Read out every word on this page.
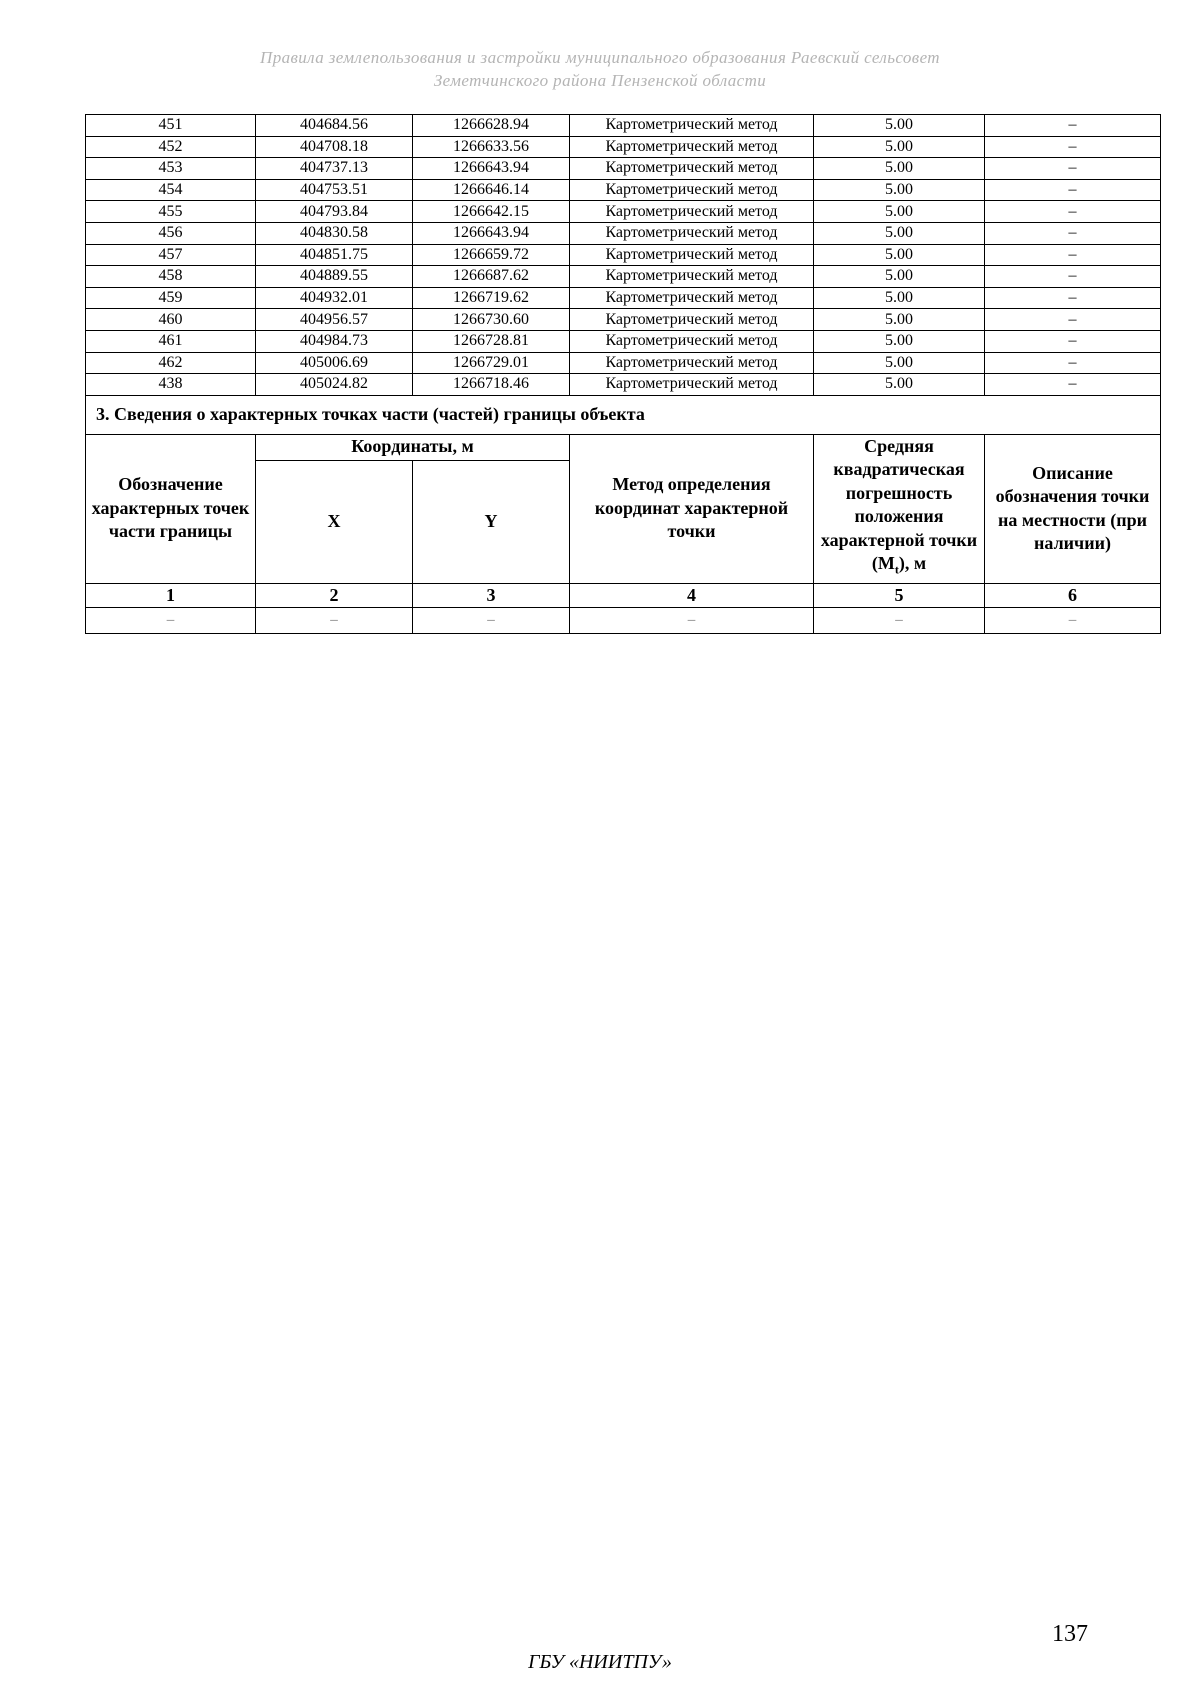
Правила землепользования и застройки муниципального образования Раевский сельсовет
Земетчинского района Пензенской области
451	404684.56	1266628.94	Картометрический метод	5.00	–
452	404708.18	1266633.56	Картометрический метод	5.00	–
453	404737.13	1266643.94	Картометрический метод	5.00	–
454	404753.51	1266646.14	Картометрический метод	5.00	–
455	404793.84	1266642.15	Картометрический метод	5.00	–
456	404830.58	1266643.94	Картометрический метод	5.00	–
457	404851.75	1266659.72	Картометрический метод	5.00	–
458	404889.55	1266687.62	Картометрический метод	5.00	–
459	404932.01	1266719.62	Картометрический метод	5.00	–
460	404956.57	1266730.60	Картометрический метод	5.00	–
461	404984.73	1266728.81	Картометрический метод	5.00	–
462	405006.69	1266729.01	Картометрический метод	5.00	–
438	405024.82	1266718.46	Картометрический метод	5.00	–
3. Сведения о характерных точках части (частей) границы объекта					
Обозначение характерных точек части границы	Координаты, м		Метод определения координат характерной точки	Средняя квадратическая погрешность положения характерной точки $(M_t)$, м	Описание обозначения точки на местности (при наличии)
	X	Y			
1	2	3	4	5	6
–	–	–	–	–	–
137
ГБУ «НИИТПУ»
